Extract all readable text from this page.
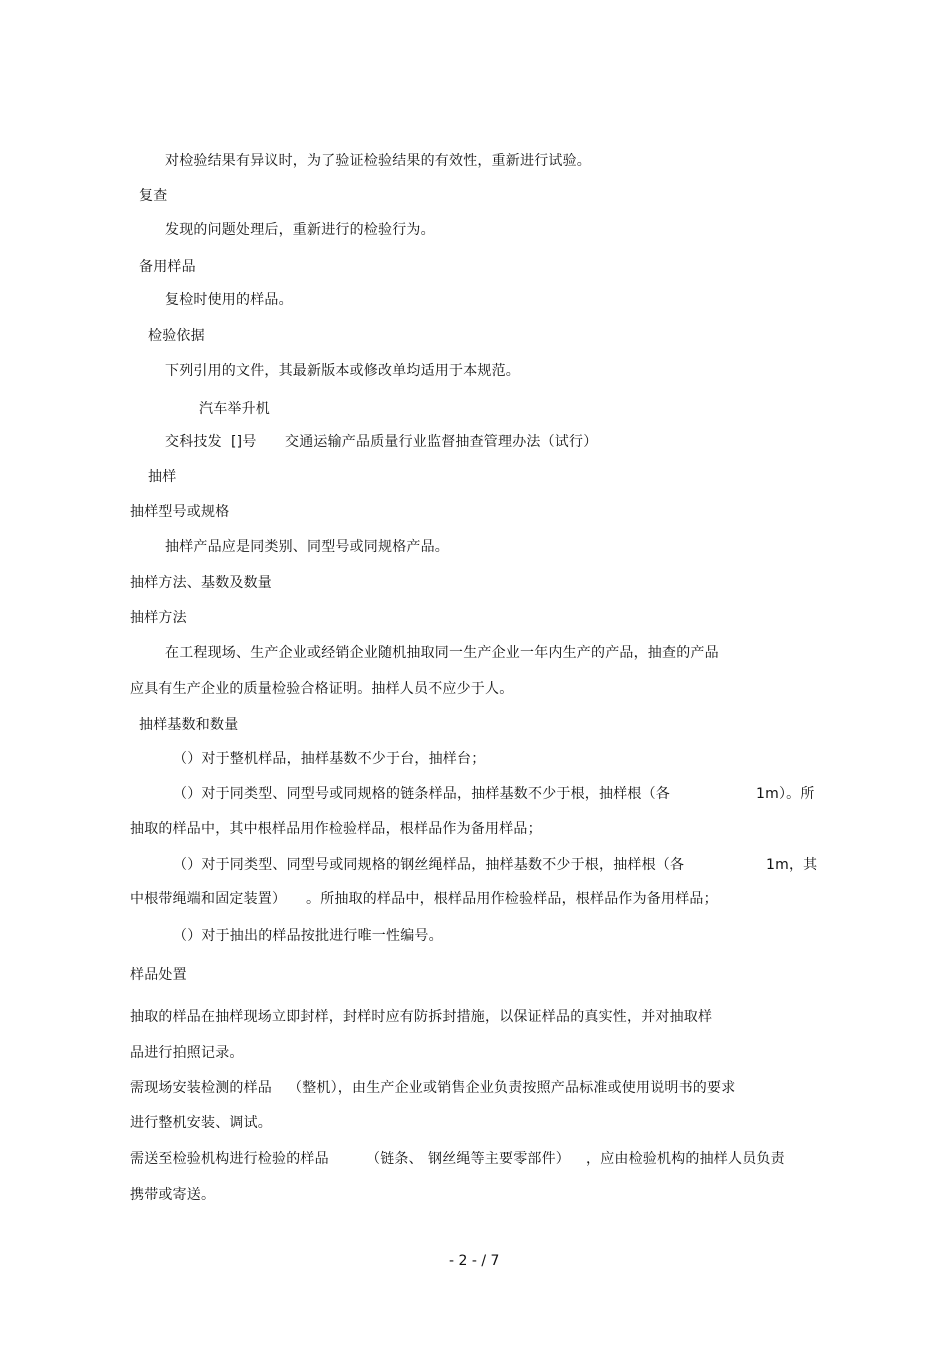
对检验结果有异议时，为了验证检验结果的有效性，重新进行试验。
复查
发现的问题处理后，重新进行的检验行为。
备用样品
复检时使用的样品。
检验依据
下列引用的文件，其最新版本或修改单均适用于本规范。
汽车举升机
交科技发 []号 交通运输产品质量行业监督抽查管理办法（试行）
抽样
抽样型号或规格
抽样产品应是同类别、同型号或同规格产品。
抽样方法、基数及数量
抽样方法
在工程现场、生产企业或经销企业随机抽取同一生产企业一年内生产的产品，抽查的产品
应具有生产企业的质量检验合格证明。抽样人员不应少于人。
抽样基数和数量
（）对于整机样品，抽样基数不少于台，抽样台；
（）对于同类型、同型号或同规格的链条样品，抽样基数不少于根，抽样根（各	1m）。所
抽取的样品中，其中根样品用作检验样品，根样品作为备用样品；
（）对于同类型、同型号或同规格的钢丝绳样品，抽样基数不少于根，抽样根（各	1m，其
中根带绳端和固定装置） 。所抽取的样品中，根样品用作检验样品，根样品作为备用样品；
（）对于抽出的样品按批进行唯一性编号。
样品处置
抽取的样品在抽样现场立即封样，封样时应有防拆封措施，以保证样品的真实性，并对抽取样
品进行拍照记录。
需现场安装检测的样品 （整机），由生产企业或销售企业负责按照产品标准或使用说明书的要求
进行整机安装、调试。
需送至检验机构进行检验的样品	（链条、 钢丝绳等主要零部件） ，应由检验机构的抽样人员负责
携带或寄送。
- 2 - / 7
